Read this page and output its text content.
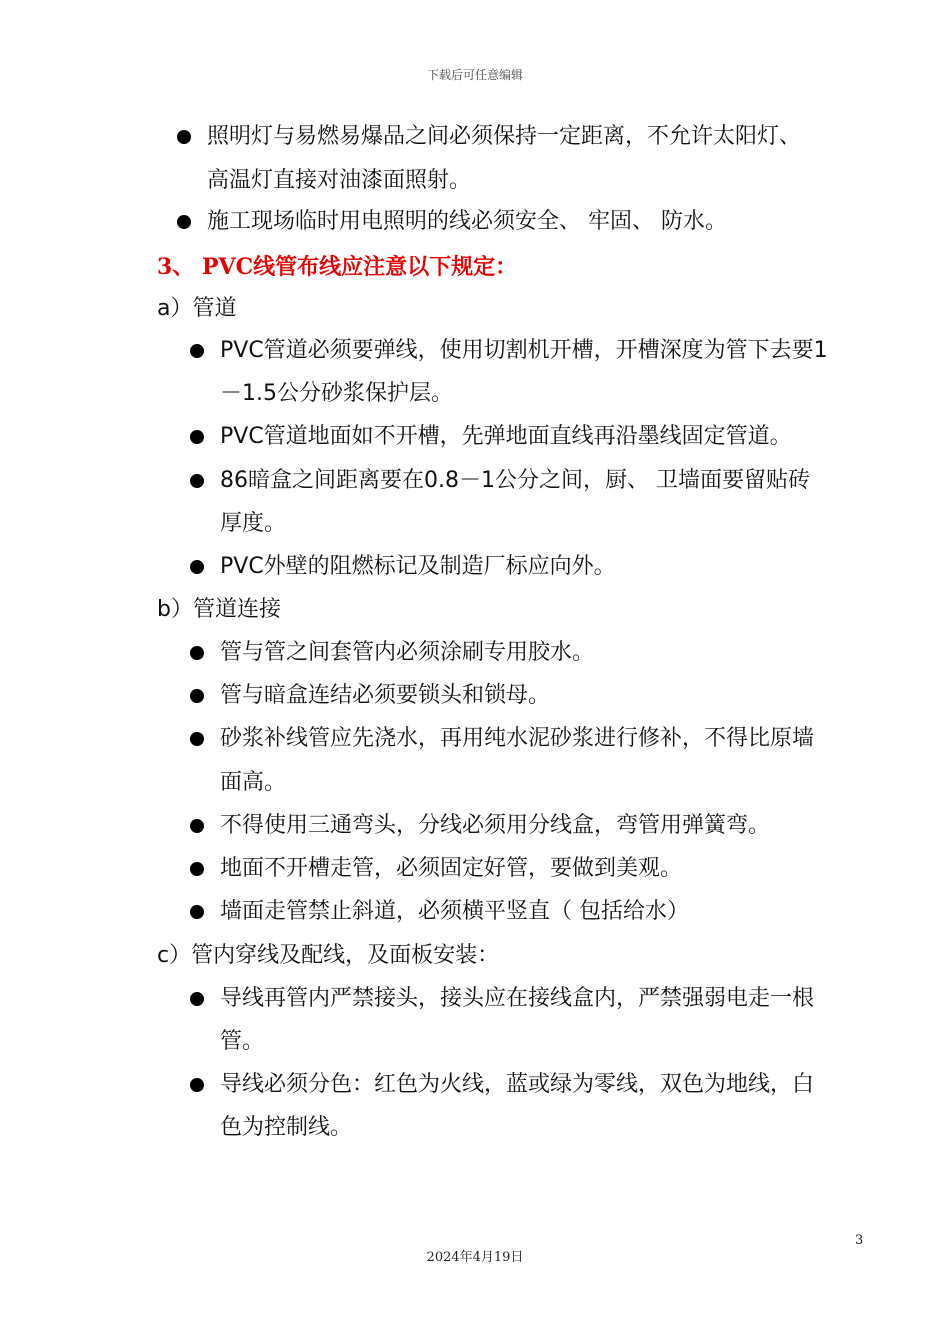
下载后可任意编辑
照明灯与易燃易爆品之间必须保持一定距离，不允许太阳灯、
高温灯直接对油漆面照射。
施工现场临时用电照明的线必须安全、 牢固、 防水。
3、 PVC线管布线应注意以下规定：
a）管道
PVC管道必须要弹线，使用切割机开槽，开槽深度为管下去要1
－1.5公分砂浆保护层。
PVC管道地面如不开槽，先弹地面直线再沿墨线固定管道。
86暗盒之间距离要在0.8－1公分之间，厨、 卫墙面要留贴砖
厚度。
PVC外壁的阻燃标记及制造厂标应向外。
b）管道连接
管与管之间套管内必须涂刷专用胶水。
管与暗盒连结必须要锁头和锁母。
砂浆补线管应先浇水，再用纯水泥砂浆进行修补，不得比原墙
面高。
不得使用三通弯头，分线必须用分线盒，弯管用弹簧弯。
地面不开槽走管，必须固定好管，要做到美观。
墙面走管禁止斜道，必须横平竖直（ 包括给水）
c）管内穿线及配线，及面板安装：
导线再管内严禁接头，接头应在接线盒内，严禁强弱电走一根
管。
导线必须分色：红色为火线，蓝或绿为零线，双色为地线，白
色为控制线。
3
2024年4月19日
